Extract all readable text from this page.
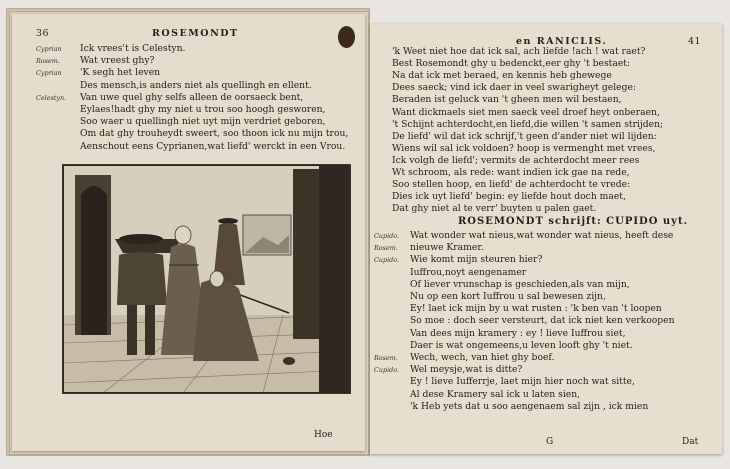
36	ROSEMONDT
Cyprian Ick vrees't is Celestyn.
Rosem. Wat vreest ghy?
Cyprian 'K segh het leven
Des mensch,is anders niet als quellingh en ellent.
Celestyn. Van uwe quel ghy selfs alleen de oorsaeck bent,
Eylaes!hadt ghy my niet u trou soo hoogh gesworen,
Soo waer u quellingh niet uyt mijn verdriet geboren,
Om dat ghy trouheydt sweert, soo thoon ick nu mijn trou,
Aenschout eens Cyprianen,wat liefd' werckt in een Vrou.
Hoe
en RANICLIS.	41
'k Weet niet hoe dat ick sal, ach liefde !ach ! wat raet?
Best Rosemondt ghy u bedenckt,eer ghy 't bestaet:
Na dat ick met beraed, en kennis heb ghewege
Dees saeck; vind ick daer in veel swarigheyt gelege:
Beraden ist geluck van 't gheen men wil bestaen,
Want dickmaels siet men saeck veel droef heyt onberaen,
't Schijnt achterdocht,en liefd,die willen 't samen strijden;
De liefd' wil dat ick schrijf,'t geen d'ander niet wil lijden:
Wiens wil sal ick voldoen? hoop is vermenght met vrees,
Ick volgh de liefd'; vermits de achterdocht meer rees
Wt schroom, als rede: want indien ick gae na rede,
Soo stellen hoop, en liefd' de achterdocht te vrede:
Dies ick uyt liefd' begin: ey liefde hout doch maet,
Dat ghy niet al te verr' buyten u palen gaet.
ROSEMONDT schrijft: CUPIDO uyt.
Cupido. Wat wonder wat nieus,wat wonder wat nieus, heeft dese
Rosem. nieuwe Kramer.
Cupido. Wie komt mijn steuren hier?
Iuffrou,noyt aengenamer
Of liever vrunschap is geschieden,als van mijn,
Nu op een kort Iuffrou u sal bewesen zijn,
Ey! laet ick mijn by u wat rusten : 'k ben van 't loopen
So moe : doch seer versteurt, dat ick niet ken verkoopen
Van dees mijn kramery : ey ! lieve Iuffrou siet,
Daer is wat ongemeens,u leven looft ghy 't niet.
Rosem. Wech, wech, van hiet ghy boef.
Cupido. Wel meysje,wat is ditte?
Ey ! lieve Iufferrje, laet mijn hier noch wat sitte,
Al dese Kramery sal ick u laten sien,
'k Heb yets dat u soo aengenaem sal zijn , ick mien
G	Dat
